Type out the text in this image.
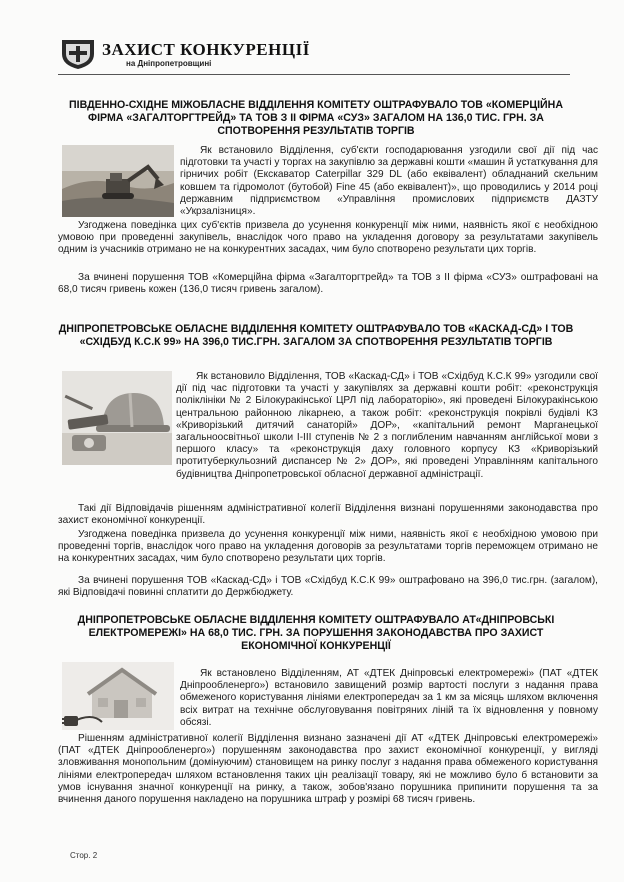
ЗАХИСТ КОНКУРЕНЦІЇ
на Дніпропетровщині
ПІВДЕННО-СХІДНЕ МІЖОБЛАСНЕ ВІДДІЛЕННЯ КОМІТЕТУ ОШТРАФУВАЛО ТОВ «КОМЕРЦІЙНА ФІРМА «ЗАГАЛТОРГТРЕЙД» ТА ТОВ З ІІ ФІРМА «СУЗ» ЗАГАЛОМ НА 136,0 ТИС. ГРН. ЗА СПОТВОРЕННЯ РЕЗУЛЬТАТІВ ТОРГІВ
Як встановило Відділення, суб'єкти господарювання узгодили свої дії під час підготовки та участі у торгах на закупівлю за державні кошти «машин й устаткування для гірничих робіт (Екскаватор Caterpillar 329 DL (або еквівалент) обладнаний скельним ковшем та гідромолот (бутобой) Fine 45 (або еквівалент)», що проводились у 2014 році державним підприємством «Управління промислових підприємств ДАЗТУ «Укрзалізниця».
Узгоджена поведінка цих суб'єктів призвела до усунення конкуренції між ними, наявність якої є необхідною умовою при проведенні закупівель, внаслідок чого право на укладення договору за результатами закупівель одним із учасників отримано не на конкурентних засадах, чим було спотворено результати цих торгів.
За вчинені порушення ТОВ «Комерційна фірма «Загалторгтрейд» та ТОВ з ІІ фірма «СУЗ» оштрафовані на 68,0 тисяч гривень кожен (136,0 тисяч гривень загалом).
ДНІПРОПЕТРОВСЬКЕ ОБЛАСНЕ ВІДДІЛЕННЯ КОМІТЕТУ ОШТРАФУВАЛО ТОВ «КАСКАД-СД» І ТОВ «СХІДБУД К.С.К 99» НА 396,0 ТИС.ГРН. ЗАГАЛОМ ЗА СПОТВОРЕННЯ РЕЗУЛЬТАТІВ ТОРГІВ
Як встановило Відділення, ТОВ «Каскад-СД» і ТОВ «Східбуд К.С.К 99» узгодили свої дії під час підготовки та участі у закупівлях за державні кошти робіт: «реконструкція поліклініки № 2 Білокуракінської ЦРЛ під лабораторію», які проведені Білокуракінською центральною районною лікарнею, а також робіт: «реконструкція покрівлі будівлі КЗ «Криворізький дитячий санаторій» ДОР», «капітальний ремонт Марганецької загальноосвітньої школи І-ІІІ ступенів № 2 з поглибленим навчанням англійської мови з першого класу» та «реконструкція даху головного корпусу КЗ «Криворізький протитуберкульозний диспансер № 2» ДОР», які проведені Управлінням капітального будівництва Дніпропетровської обласної державної адміністрації.
Такі дії Відповідачів рішенням адміністративної колегії Відділення визнані порушеннями законодавства про захист економічної конкуренції.
Узгоджена поведінка призвела до усунення конкуренції між ними, наявність якої є необхідною умовою при проведенні торгів, внаслідок чого право на укладення договорів за результатами торгів переможцем отримано не на конкурентних засадах, чим було спотворено результати цих торгів.
За вчинені порушення ТОВ «Каскад-СД» і ТОВ «Східбуд К.С.К 99» оштрафовано на 396,0 тис.грн. (загалом), які Відповідачі повинні сплатити до Держбюджету.
ДНІПРОПЕТРОВСЬКЕ ОБЛАСНЕ ВІДДІЛЕННЯ КОМІТЕТУ ОШТРАФУВАЛО АТ«ДНІПРОВСЬКІ ЕЛЕКТРОМЕРЕЖІ» НА 68,0 ТИС. ГРН. ЗА ПОРУШЕННЯ ЗАКОНОДАВСТВА ПРО ЗАХИСТ ЕКОНОМІЧНОЇ КОНКУРЕНЦІЇ
Як встановлено Відділенням, АТ «ДТЕК Дніпровські електромережі» (ПАТ «ДТЕК Дніпрообленерго») встановило завищений розмір вартості послуги з надання права обмеженого користування лініями електропередач за 1 км за місяць шляхом включення всіх витрат на технічне обслуговування повітряних ліній та їх відновлення у повному обсязі.
Рішенням адміністративної колегії Відділення визнано зазначені дії АТ «ДТЕК Дніпровські електромережі» (ПАТ «ДТЕК Дніпрообленерго») порушенням законодавства про захист економічної конкуренції, у вигляді зловживання монопольним (домінуючим) становищем на ринку послуг з надання права обмеженого користування лініями електропередач шляхом встановлення таких цін реалізації товару, які не можливо було б встановити за умов існування значної конкуренції на ринку, а також, зобов'язано порушника припинити порушення та за вчинення даного порушення накладено на порушника штраф у розмірі 68 тисяч гривень.
Стор. 2
